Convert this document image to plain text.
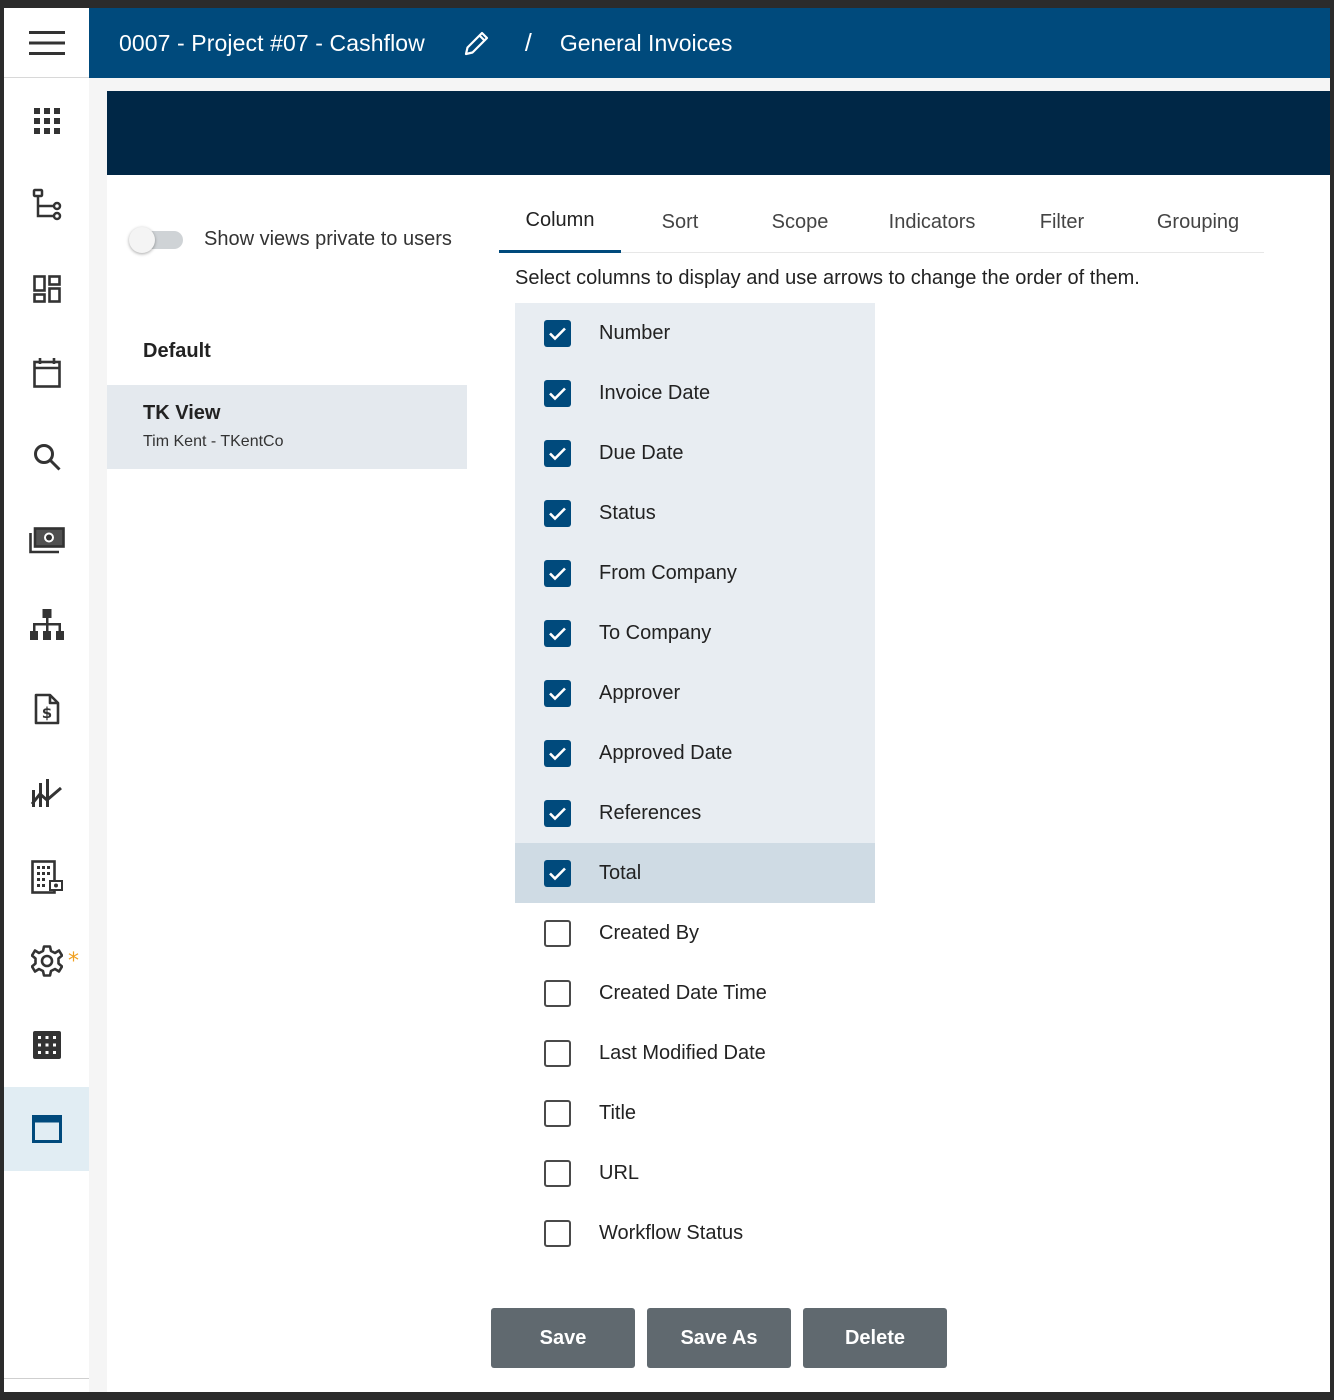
$
*
0007 - Project #07 - Cashflow	/ General Invoices
Show views private to users
Default
TK View
Tim Kent - TKentCo
Column	Sort	Scope	Indicators	Filter	Grouping
Select columns to display and use arrows to change the order of them.
Number
Invoice Date
Due Date
Status
From Company
To Company
Approver
Approved Date
References
Total
Created By
Created Date Time
Last Modified Date
Title
URL
Workflow Status
Save	Save As	Delete
